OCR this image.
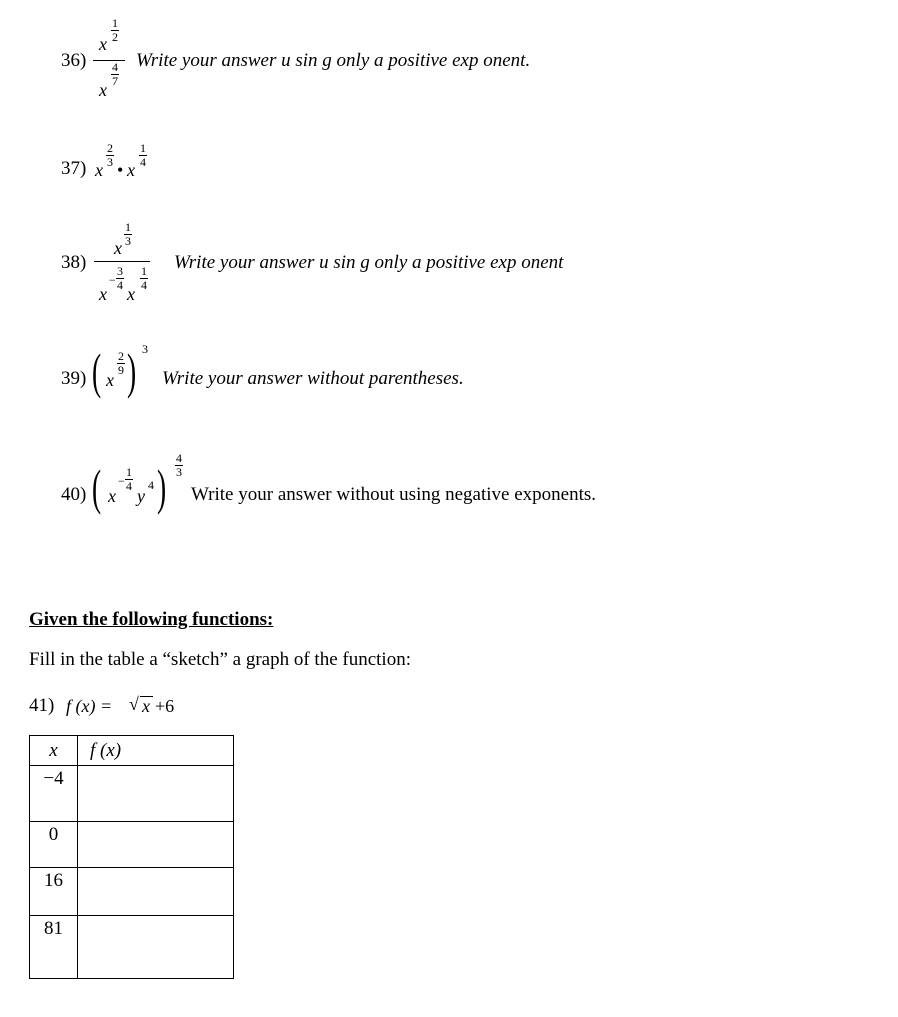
36)
1
2
x
4
7
x
Write your answer u sin g only a positive exp onent.
37) x
2
3 • x
1
4
38)
1
3
x
x
−
3
4 x
1
4
Write your answer u sin g only a positive exp onent
39) ( x
2
9 ) 3
Write your answer without parentheses.
40) ( x
−
1
4 y
4 )
4
3
Write your answer without using negative exponents.
Given the following functions:
Fill in the table a “sketch” a graph of the function:
41) f (x) = √ x +6
x	f (x)
−4	
0	
16	
81	
